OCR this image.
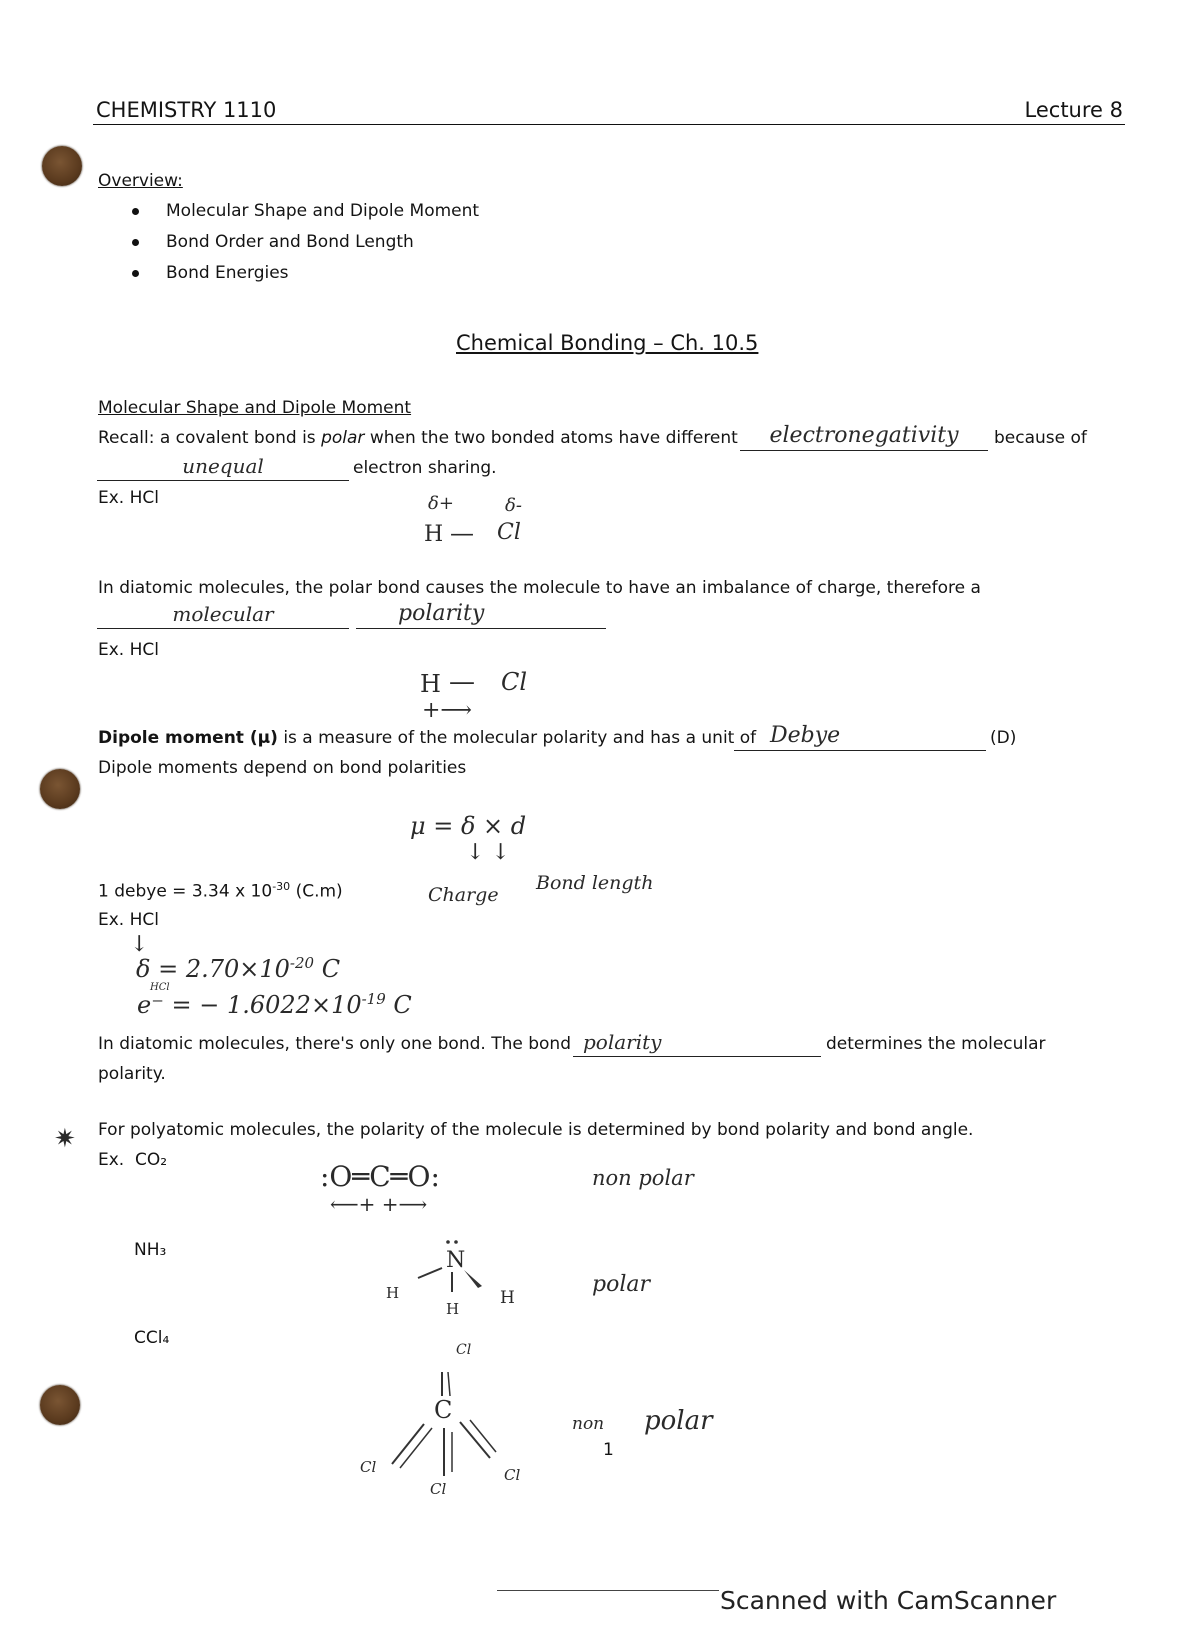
CHEMISTRY 1110	Lecture 8
Overview:
Molecular Shape and Dipole Moment
Bond Order and Bond Length
Bond Energies
Chemical Bonding – Ch. 10.5
Molecular Shape and Dipole Moment
Recall: a covalent bond is polar when the two bonded atoms have different	electronegativity	because of
unequal	electron sharing.
Ex. HCl	δ+	δ-
H — Cl
In diatomic molecules, the polar bond causes the molecule to have an imbalance of charge, therefore a
molecular	polarity
Ex. HCl
H — Cl
+⟶
Dipole moment (μ) is a measure of the molecular polarity and has a unit of Debye	(D)
Dipole moments depend on bond polarities
μ = δ × d
↓ ↓
Charge
Bond length
1 debye = 3.34 x $10^{-30}$ (C.m)
Ex. HCl
↓
$\delta = 2.70\times 10^{-20}$ C
HCl
e⁻ = − $1.6022\times 10^{-19}$ C
In diatomic molecules, there's only one bond. The bond polarity	determines the molecular
polarity.
✷ For polyatomic molecules, the polarity of the molecule is determined by bond polarity and bond angle.
Ex. CO₂	:O═C═O:
⟵+ +⟶
non polar
NH₃	N
H
H
H
polar
CCl₄
Cl
C
Cl
Cl
Cl
non polar
1
Scanned with CamScanner
